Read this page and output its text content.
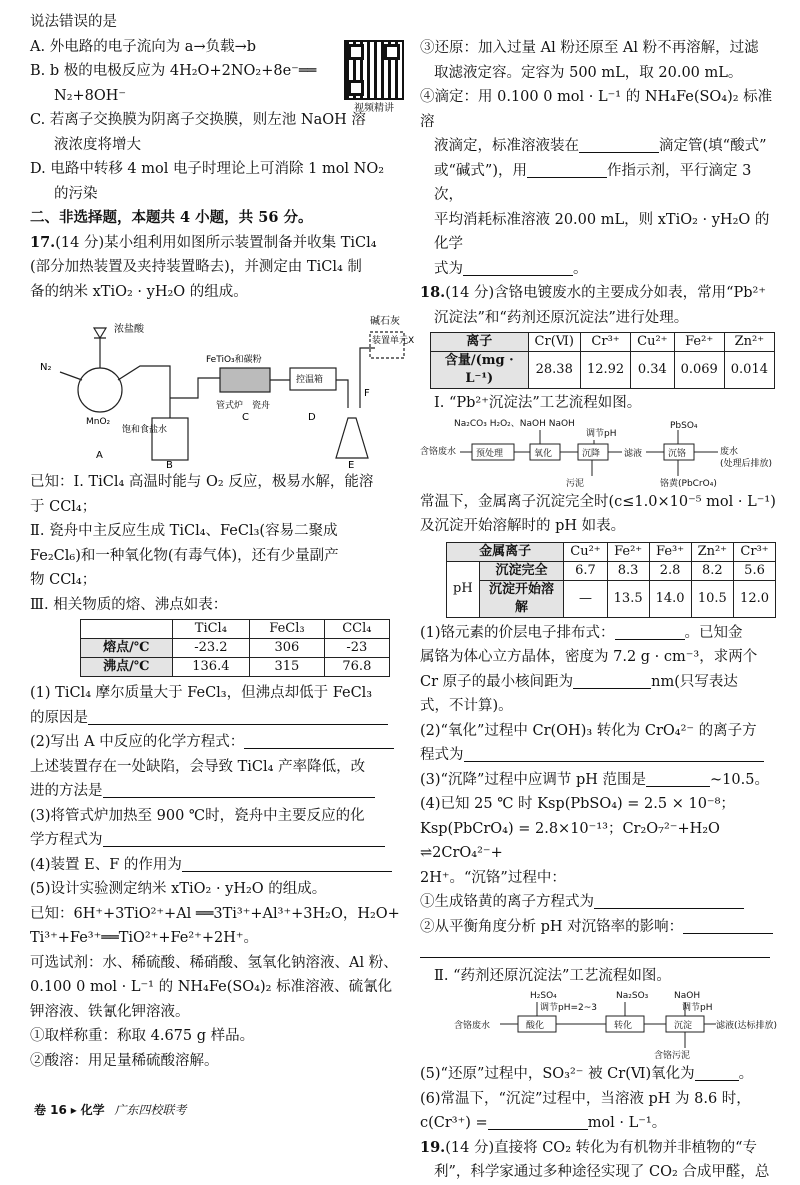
视频精讲

说法错误的是

A. 外电路的电子流向为 a→负载→b

B. b 极的电极反应为 4H₂O+2NO₂+8e⁻══

N₂+8OH⁻

C. 若离子交换膜为阴离子交换膜，则左池 NaOH 溶

液浓度将增大

D. 电路中转移 4 mol 电子时理论上可消除 1 mol NO₂

的污染

二、非选择题，本题共 4 小题，共 56 分。

17.(14 分)某小组利用如图所示装置制备并收集 TiCl₄

(部分加热装置及夹持装置略去)，并测定由 TiCl₄ 制

备的纳米 xTiO₂ · yH₂O 的组成。

碱石灰
装置单元X
浓盐酸
N₂
MnO₂
饱和食盐水
FeTiO₃和碳粉
控温箱
管式炉 瓷舟
F
A
B
C	D
E

已知：Ⅰ. TiCl₄ 高温时能与 O₂ 反应，极易水解，能溶

于 CCl₄；

Ⅱ. 瓷舟中主反应生成 TiCl₄、FeCl₃(容易二聚成

Fe₂Cl₆)和一种氧化物(有毒气体)，还有少量副产

物 CCl₄；

Ⅲ. 相关物质的熔、沸点如表：

	TiCl₄	FeCl₃	CCl₄
熔点/℃	-23.2	306	-23
沸点/℃	136.4	315	76.8

(1) TiCl₄ 摩尔质量大于 FeCl₃，但沸点却低于 FeCl₃

的原因是

(2)写出 A 中反应的化学方程式：

上述装置存在一处缺陷，会导致 TiCl₄ 产率降低，改

进的方法是

(3)将管式炉加热至 900 ℃时，瓷舟中主要反应的化

学方程式为

(4)装置 E、F 的作用为

(5)设计实验测定纳米 xTiO₂ · yH₂O 的组成。

已知：6H⁺+3TiO²⁺+Al ══3Ti³⁺+Al³⁺+3H₂O，H₂O+

Ti³⁺+Fe³⁺══TiO²⁺+Fe²⁺+2H⁺。

可选试剂：水、稀硫酸、稀硝酸、氢氧化钠溶液、Al 粉、

0.100 0 mol · L⁻¹ 的 NH₄Fe(SO₄)₂ 标准溶液、硫氰化

钾溶液、铁氰化钾溶液。

①取样称重：称取 4.675 g 样品。

②酸溶：用足量稀硫酸溶解。

③还原：加入过量 Al 粉还原至 Al 粉不再溶解，过滤

取滤液定容。定容为 500 mL，取 20.00 mL。

④滴定：用 0.100 0 mol · L⁻¹ 的 NH₄Fe(SO₄)₂ 标准溶

液滴定，标准溶液装在	滴定管(填“酸式”

或“碱式”)，用	作指示剂，平行滴定 3 次，

平均消耗标准溶液 20.00 mL，则 xTiO₂ · yH₂O 的化学

式为	。

18.(14 分)含铬电镀废水的主要成分如表，常用“Pb²⁺

沉淀法”和“药剂还原沉淀法”进行处理。

离子	Cr(Ⅵ)	Cr³⁺	Cu²⁺	Fe²⁺	Zn²⁺
含量/(mg · L⁻¹)	28.38	12.92	0.34	0.069	0.014

Ⅰ. “Pb²⁺沉淀法”工艺流程如图。

Na₂CO₃ H₂O₂、NaOH NaOH
调节pH
PbSO₄
含铬废水	废水
(处理后排放)
污泥	铬黄(PbCrO₄)
预处理	氧化	沉降	滤液	沉铬

常温下，金属离子沉淀完全时(c≤1.0×10⁻⁵ mol · L⁻¹)

及沉淀开始溶解时的 pH 如表。

金属离子		Cu²⁺	Fe²⁺	Fe³⁺	Zn²⁺	Cr³⁺
pH	沉淀完全	6.7	8.3	2.8	8.2	5.6
	沉淀开始溶解	—	13.5	14.0	10.5	12.0

(1)铬元素的价层电子排布式：	。已知金

属铬为体心立方晶体，密度为 7.2 g · cm⁻³，求两个

Cr 原子的最小核间距为	nm(只写表达

式，不计算)。

(2)“氧化”过程中 Cr(OH)₃ 转化为 CrO₄²⁻ 的离子方

程式为

(3)“沉降”过程中应调节 pH 范围是	~10.5。

(4)已知 25 ℃ 时 Ksp(PbSO₄) = 2.5 × 10⁻⁸；

Ksp(PbCrO₄) = 2.8×10⁻¹³；Cr₂O₇²⁻+H₂O ⇌2CrO₄²⁻+

2H⁺。“沉铬”过程中：

①生成铬黄的离子方程式为

②从平衡角度分析 pH 对沉铬率的影响：

Ⅱ. “药剂还原沉淀法”工艺流程如图。

H₂SO₄	Na₂SO₃	NaOH
调节pH=2~3	调节pH
含铬废水	滤液(达标排放)
含铬污泥
酸化	转化	沉淀

(5)“还原”过程中，SO₃²⁻ 被 Cr(Ⅵ)氧化为	。

(6)常温下，“沉淀”过程中，当溶液 pH 为 8.6 时，

c(Cr³⁺) =	mol · L⁻¹。

19.(14 分)直接将 CO₂ 转化为有机物并非植物的“专

利”，科学家通过多种途径实现了 CO₂ 合成甲醛，总

卷 16 ▸ 化学 广东四校联考
